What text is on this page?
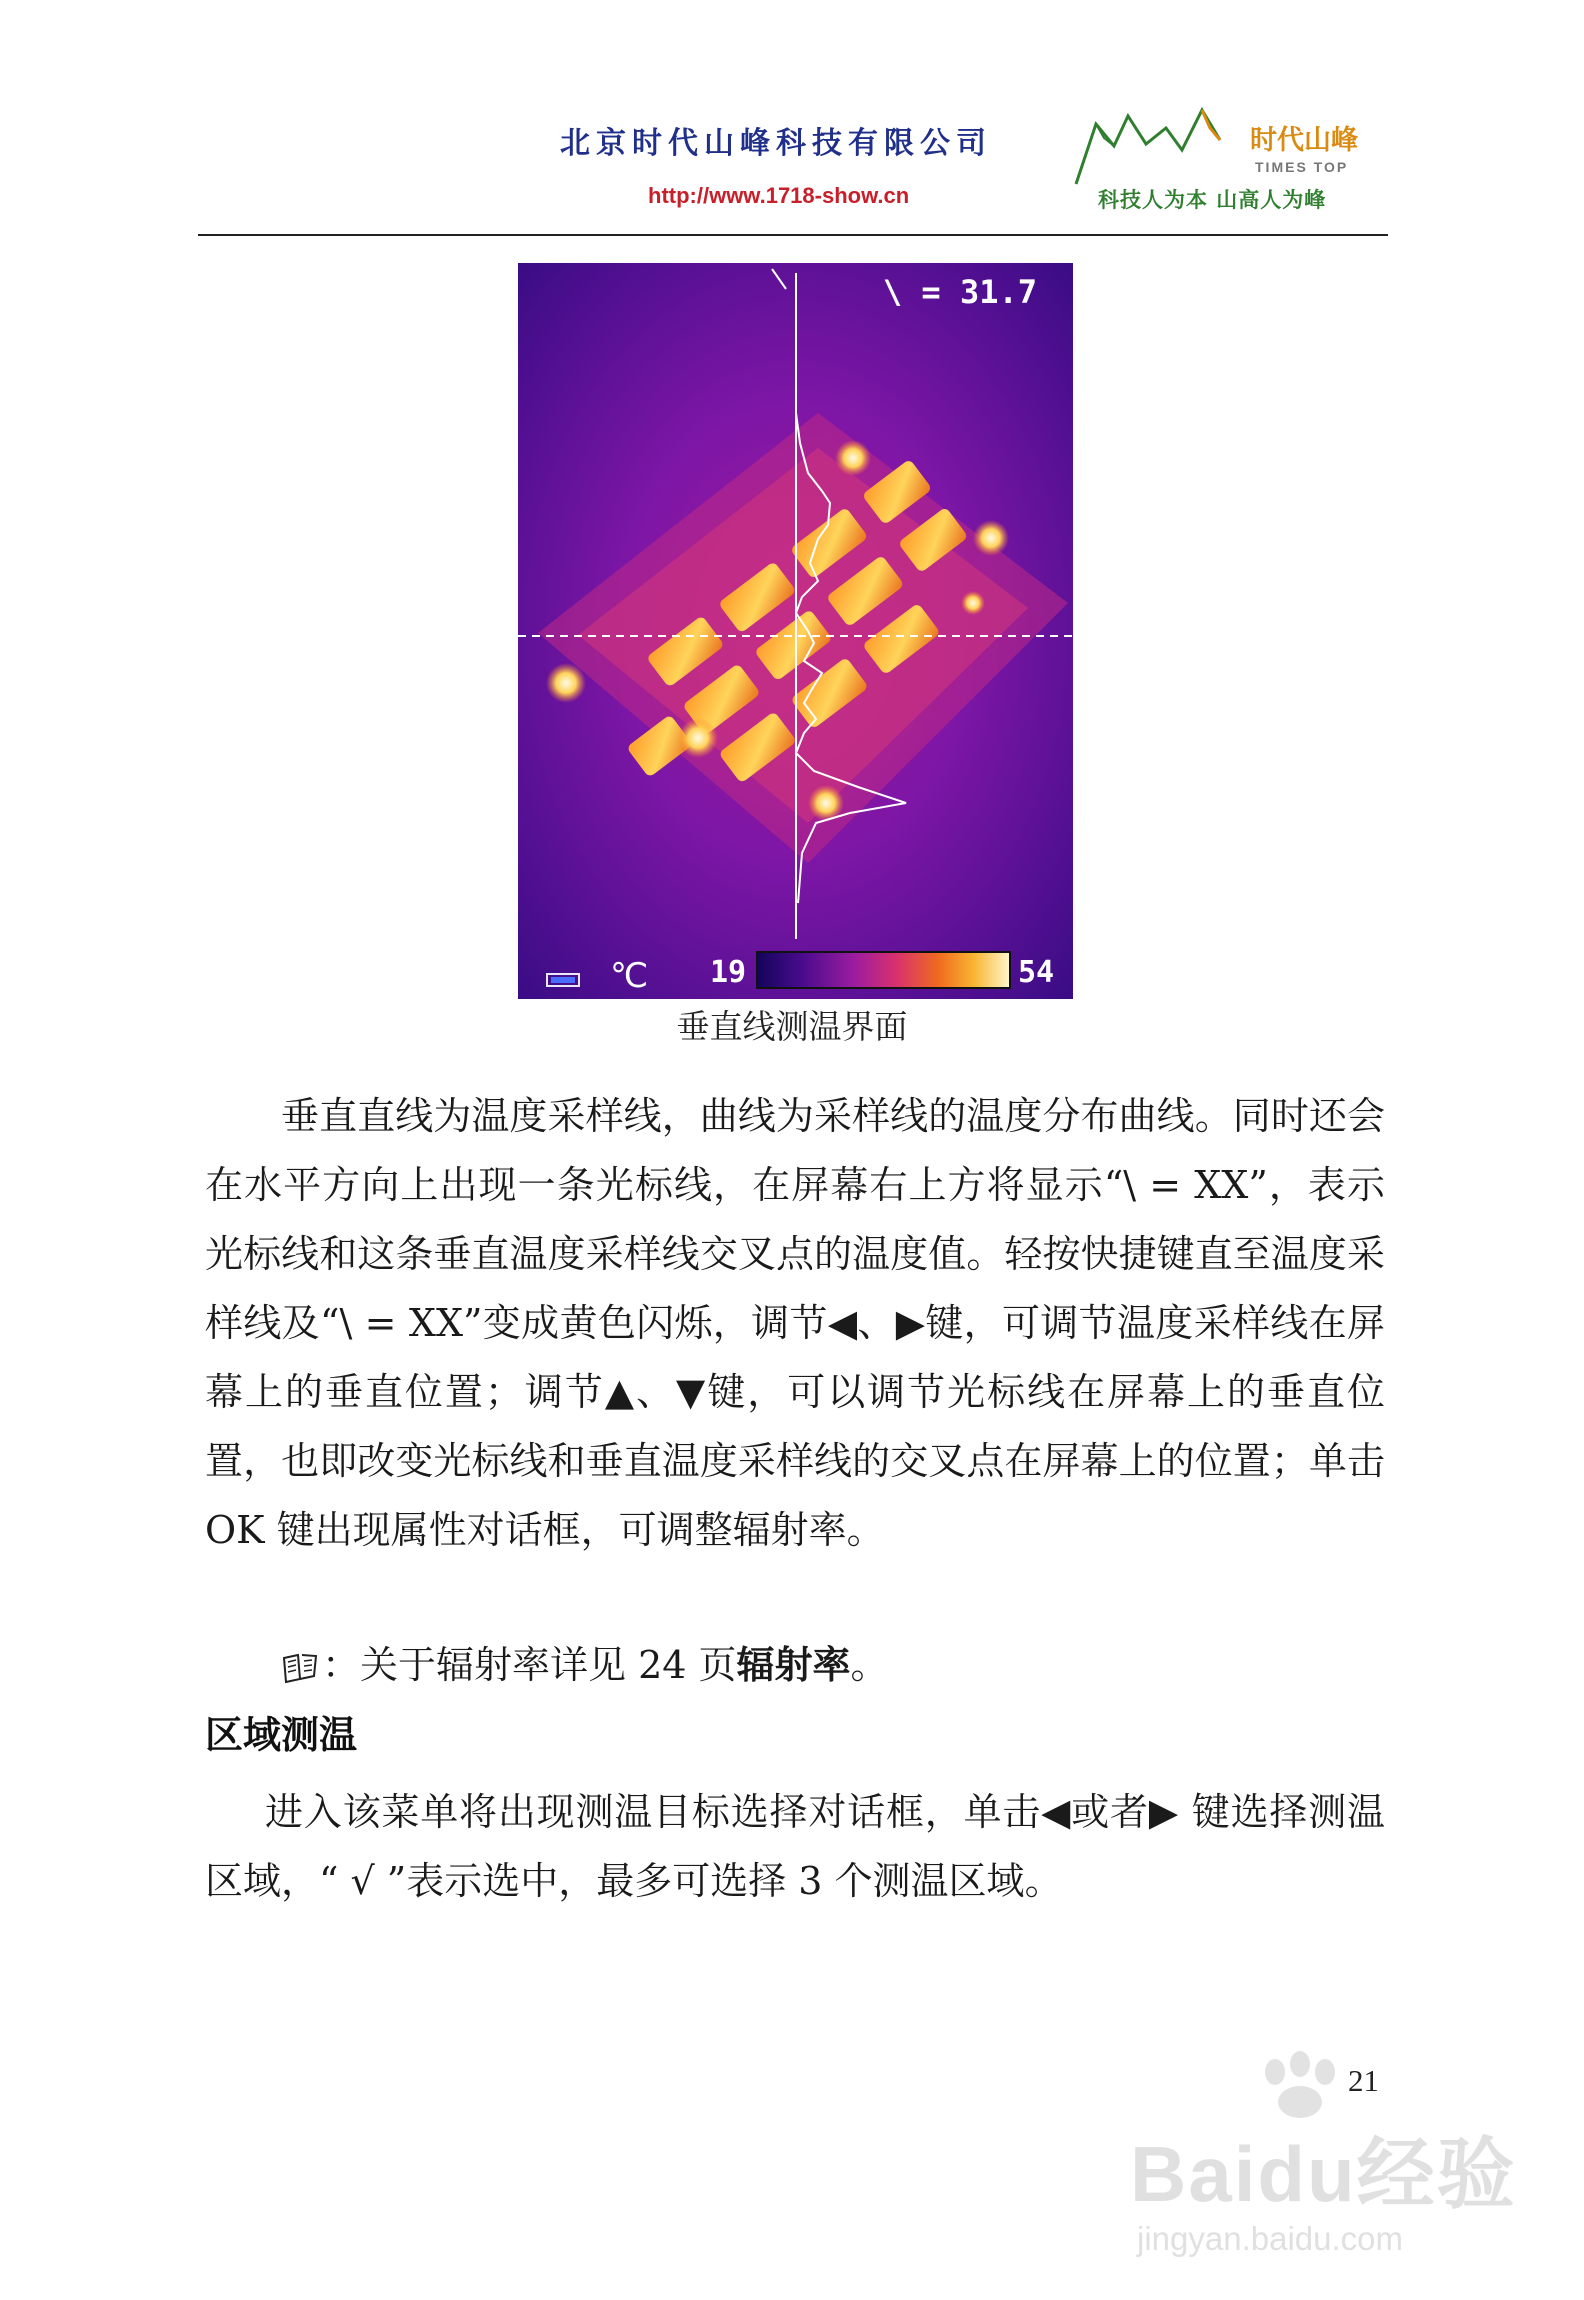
北京时代山峰科技有限公司
http://www.1718-show.cn
时代山峰
TIMES TOP
科技人为本 山高人为峰
\ = 31.7
℃ 19	54
垂直线测温界面
垂直直线为温度采样线，曲线为采样线的温度分布曲线。同时还会在水平方向上出现一条光标线，在屏幕右上方将显示“\ = XX”，表示光标线和这条垂直温度采样线交叉点的温度值。轻按快捷键直至温度采样线及“\ = XX”变成黄色闪烁，调节◀、▶键，可调节温度采样线在屏幕上的垂直位置；调节▲、▼键，可以调节光标线在屏幕上的垂直位置，也即改变光标线和垂直温度采样线的交叉点在屏幕上的位置；单击 OK 键出现属性对话框，可调整辐射率。
：关于辐射率详见 24 页辐射率。
区域测温
进入该菜单将出现测温目标选择对话框，单击◀或者▶ 键选择测温区域，“ √ ”表示选中，最多可选择 3 个测温区域。
21
Baidu经验
jingyan.baidu.com
